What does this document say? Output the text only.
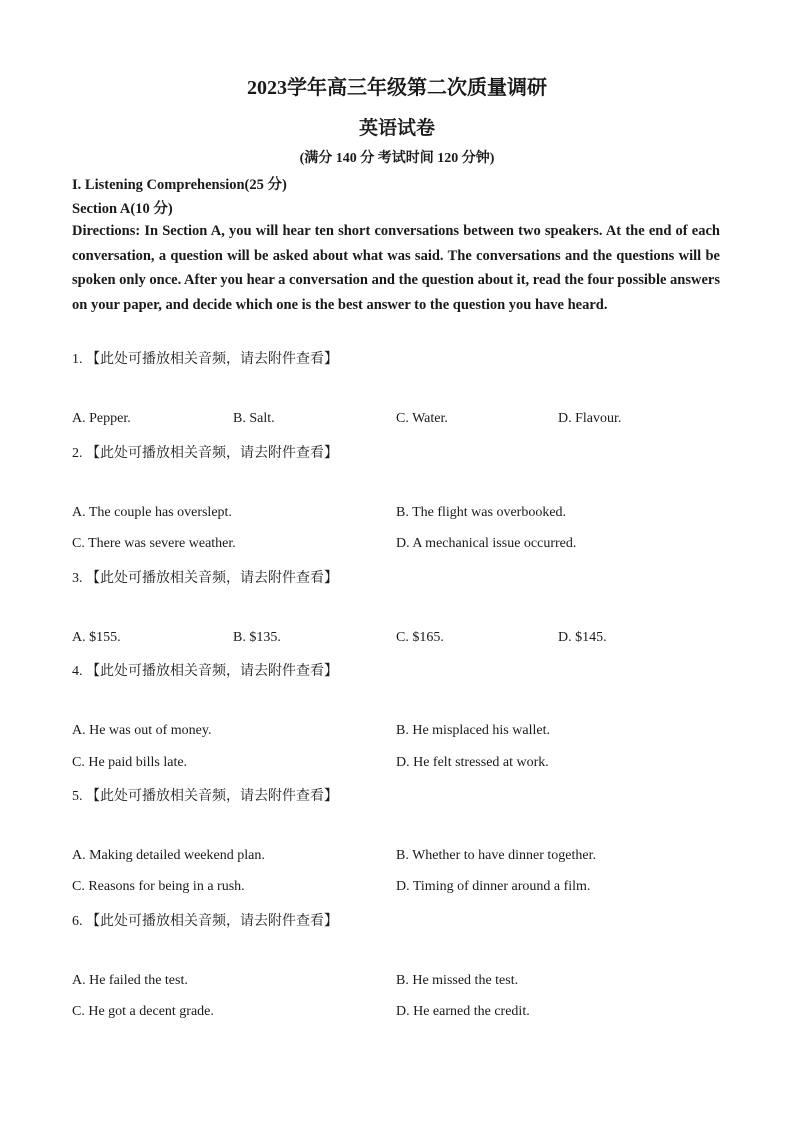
2023学年高三年级第二次质量调研
英语试卷
(满分 140 分 考试时间 120 分钟)
I. Listening Comprehension(25 分)
Section A(10 分)
Directions: In Section A, you will hear ten short conversations between two speakers. At the end of each conversation, a question will be asked about what was said. The conversations and the questions will be spoken only once. After you hear a conversation and the question about it, read the four possible answers on your paper, and decide which one is the best answer to the question you have heard.
1. 【此处可播放相关音频，请去附件查看】
A. Pepper.	B. Salt.	C. Water.	D. Flavour.
2. 【此处可播放相关音频，请去附件查看】
A. The couple has overslept.	B. The flight was overbooked.
C. There was severe weather.	D. A mechanical issue occurred.
3. 【此处可播放相关音频，请去附件查看】
A. $155.	B. $135.	C. $165.	D. $145.
4. 【此处可播放相关音频，请去附件查看】
A. He was out of money.	B. He misplaced his wallet.
C. He paid bills late.	D. He felt stressed at work.
5. 【此处可播放相关音频，请去附件查看】
A. Making detailed weekend plan.	B. Whether to have dinner together.
C. Reasons for being in a rush.	D. Timing of dinner around a film.
6. 【此处可播放相关音频，请去附件查看】
A. He failed the test.	B. He missed the test.
C. He got a decent grade.	D. He earned the credit.
